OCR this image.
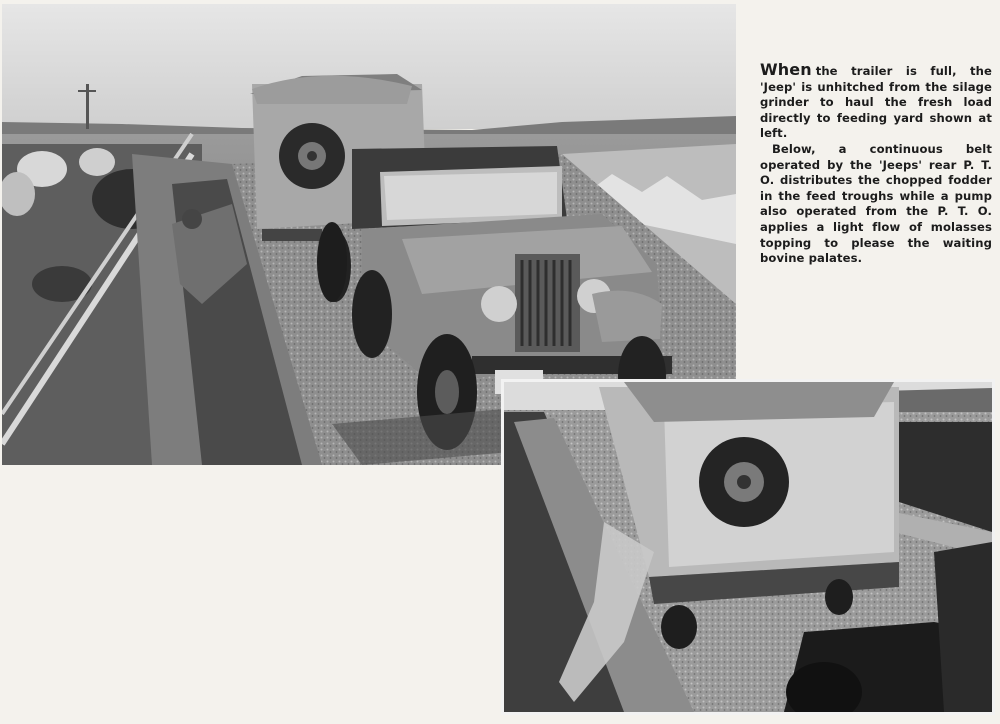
When the trailer is full, the 'Jeep' is unhitched from the silage grinder to haul the fresh load directly to feeding yard shown at left.

Below, a continuous belt operated by the 'Jeeps' rear P. T. O. distributes the chopped fodder in the feed troughs while a pump also operated from the P. T. O. applies a light flow of molasses topping to please the waiting bovine palates.
